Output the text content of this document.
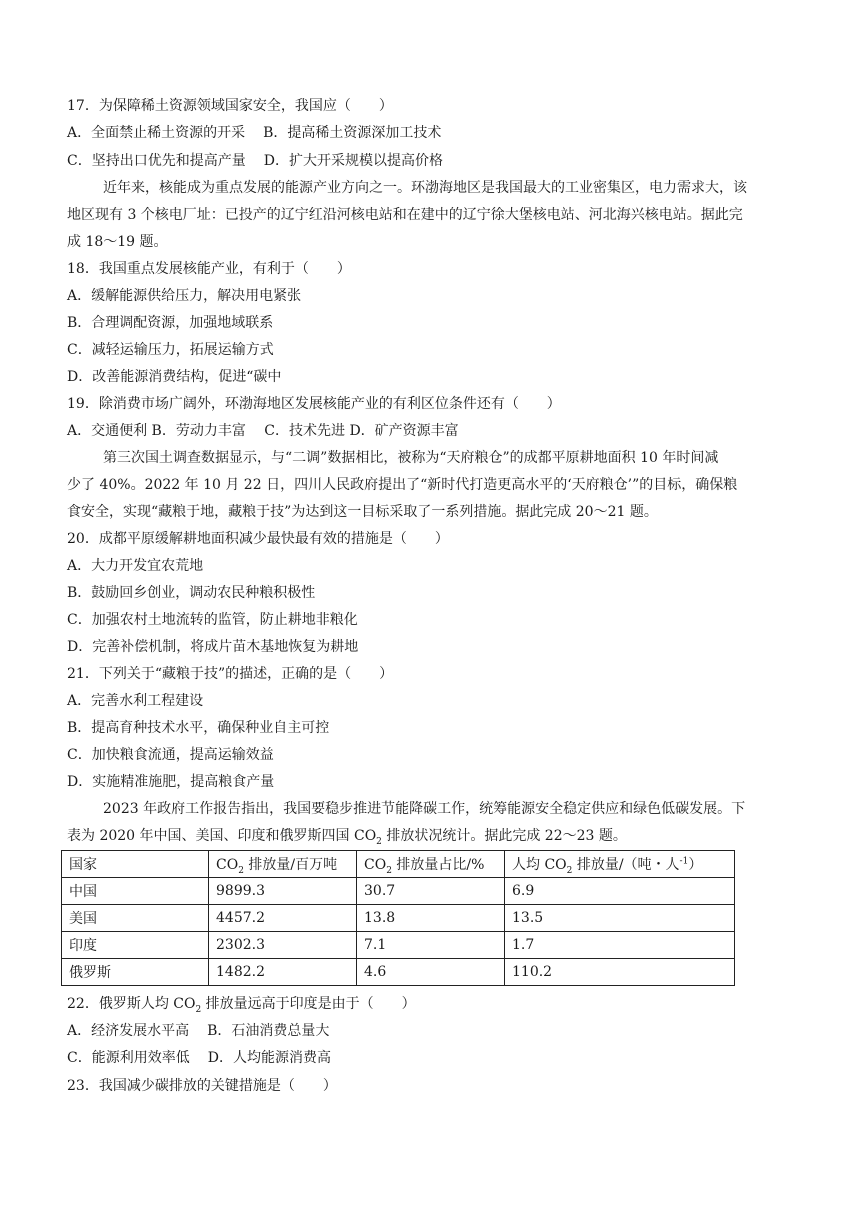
17．为保障稀土资源领域国家安全，我国应（　　）
A．全面禁止稀土资源的开采 B．提高稀土资源深加工技术
C．坚持出口优先和提高产量 D．扩大开采规模以提高价格
近年来，核能成为重点发展的能源产业方向之一。环渤海地区是我国最大的工业密集区，电力需求大，该
地区现有 3 个核电厂址：已投产的辽宁红沿河核电站和在建中的辽宁徐大堡核电站、河北海兴核电站。据此完
成 18～19 题。
18．我国重点发展核能产业，有利于（　　）
A．缓解能源供给压力，解决用电紧张
B．合理调配资源，加强地域联系
C．减轻运输压力，拓展运输方式
D．改善能源消费结构，促进“碳中
19．除消费市场广阔外，环渤海地区发展核能产业的有利区位条件还有（　　）
A．交通便利 B．劳动力丰富　 C．技术先进 D．矿产资源丰富
第三次国土调查数据显示，与“二调”数据相比，被称为“天府粮仓”的成都平原耕地面积 10 年时间减
少了 40%。2022 年 10 月 22 日，四川人民政府提出了“新时代打造更高水平的‘天府粮仓’”的目标，确保粮
食安全，实现“藏粮于地，藏粮于技”为达到这一目标采取了一系列措施。据此完成 20～21 题。
20．成都平原缓解耕地面积减少最快最有效的措施是（　　）
A．大力开发宜农荒地
B．鼓励回乡创业，调动农民种粮积极性
C．加强农村土地流转的监管，防止耕地非粮化
D．完善补偿机制，将成片苗木基地恢复为耕地
21．下列关于“藏粮于技”的描述，正确的是（　　）
A．完善水利工程建设
B．提高育种技术水平，确保种业自主可控
C．加快粮食流通，提高运输效益
D．实施精准施肥，提高粮食产量
2023 年政府工作报告指出，我国要稳步推进节能降碳工作，统筹能源安全稳定供应和绿色低碳发展。下
表为 2020 年中国、美国、印度和俄罗斯四国 $CO_2$ 排放状况统计。据此完成 22～23 题。
国家	$CO_2$ 排放量/百万吨	$CO_2$ 排放量占比/%	人均 $CO_2$ 排放量/（吨・人$^{-1}$）
中国	9899.3	30.7	6.9
美国	4457.2	13.8	13.5
印度	2302.3	7.1	1.7
俄罗斯	1482.2	4.6	110.2
22．俄罗斯人均 $CO_2$ 排放量远高于印度是由于（　　）
A．经济发展水平高 B．石油消费总量大
C．能源利用效率低 D．人均能源消费高
23．我国减少碳排放的关键措施是（　　）
